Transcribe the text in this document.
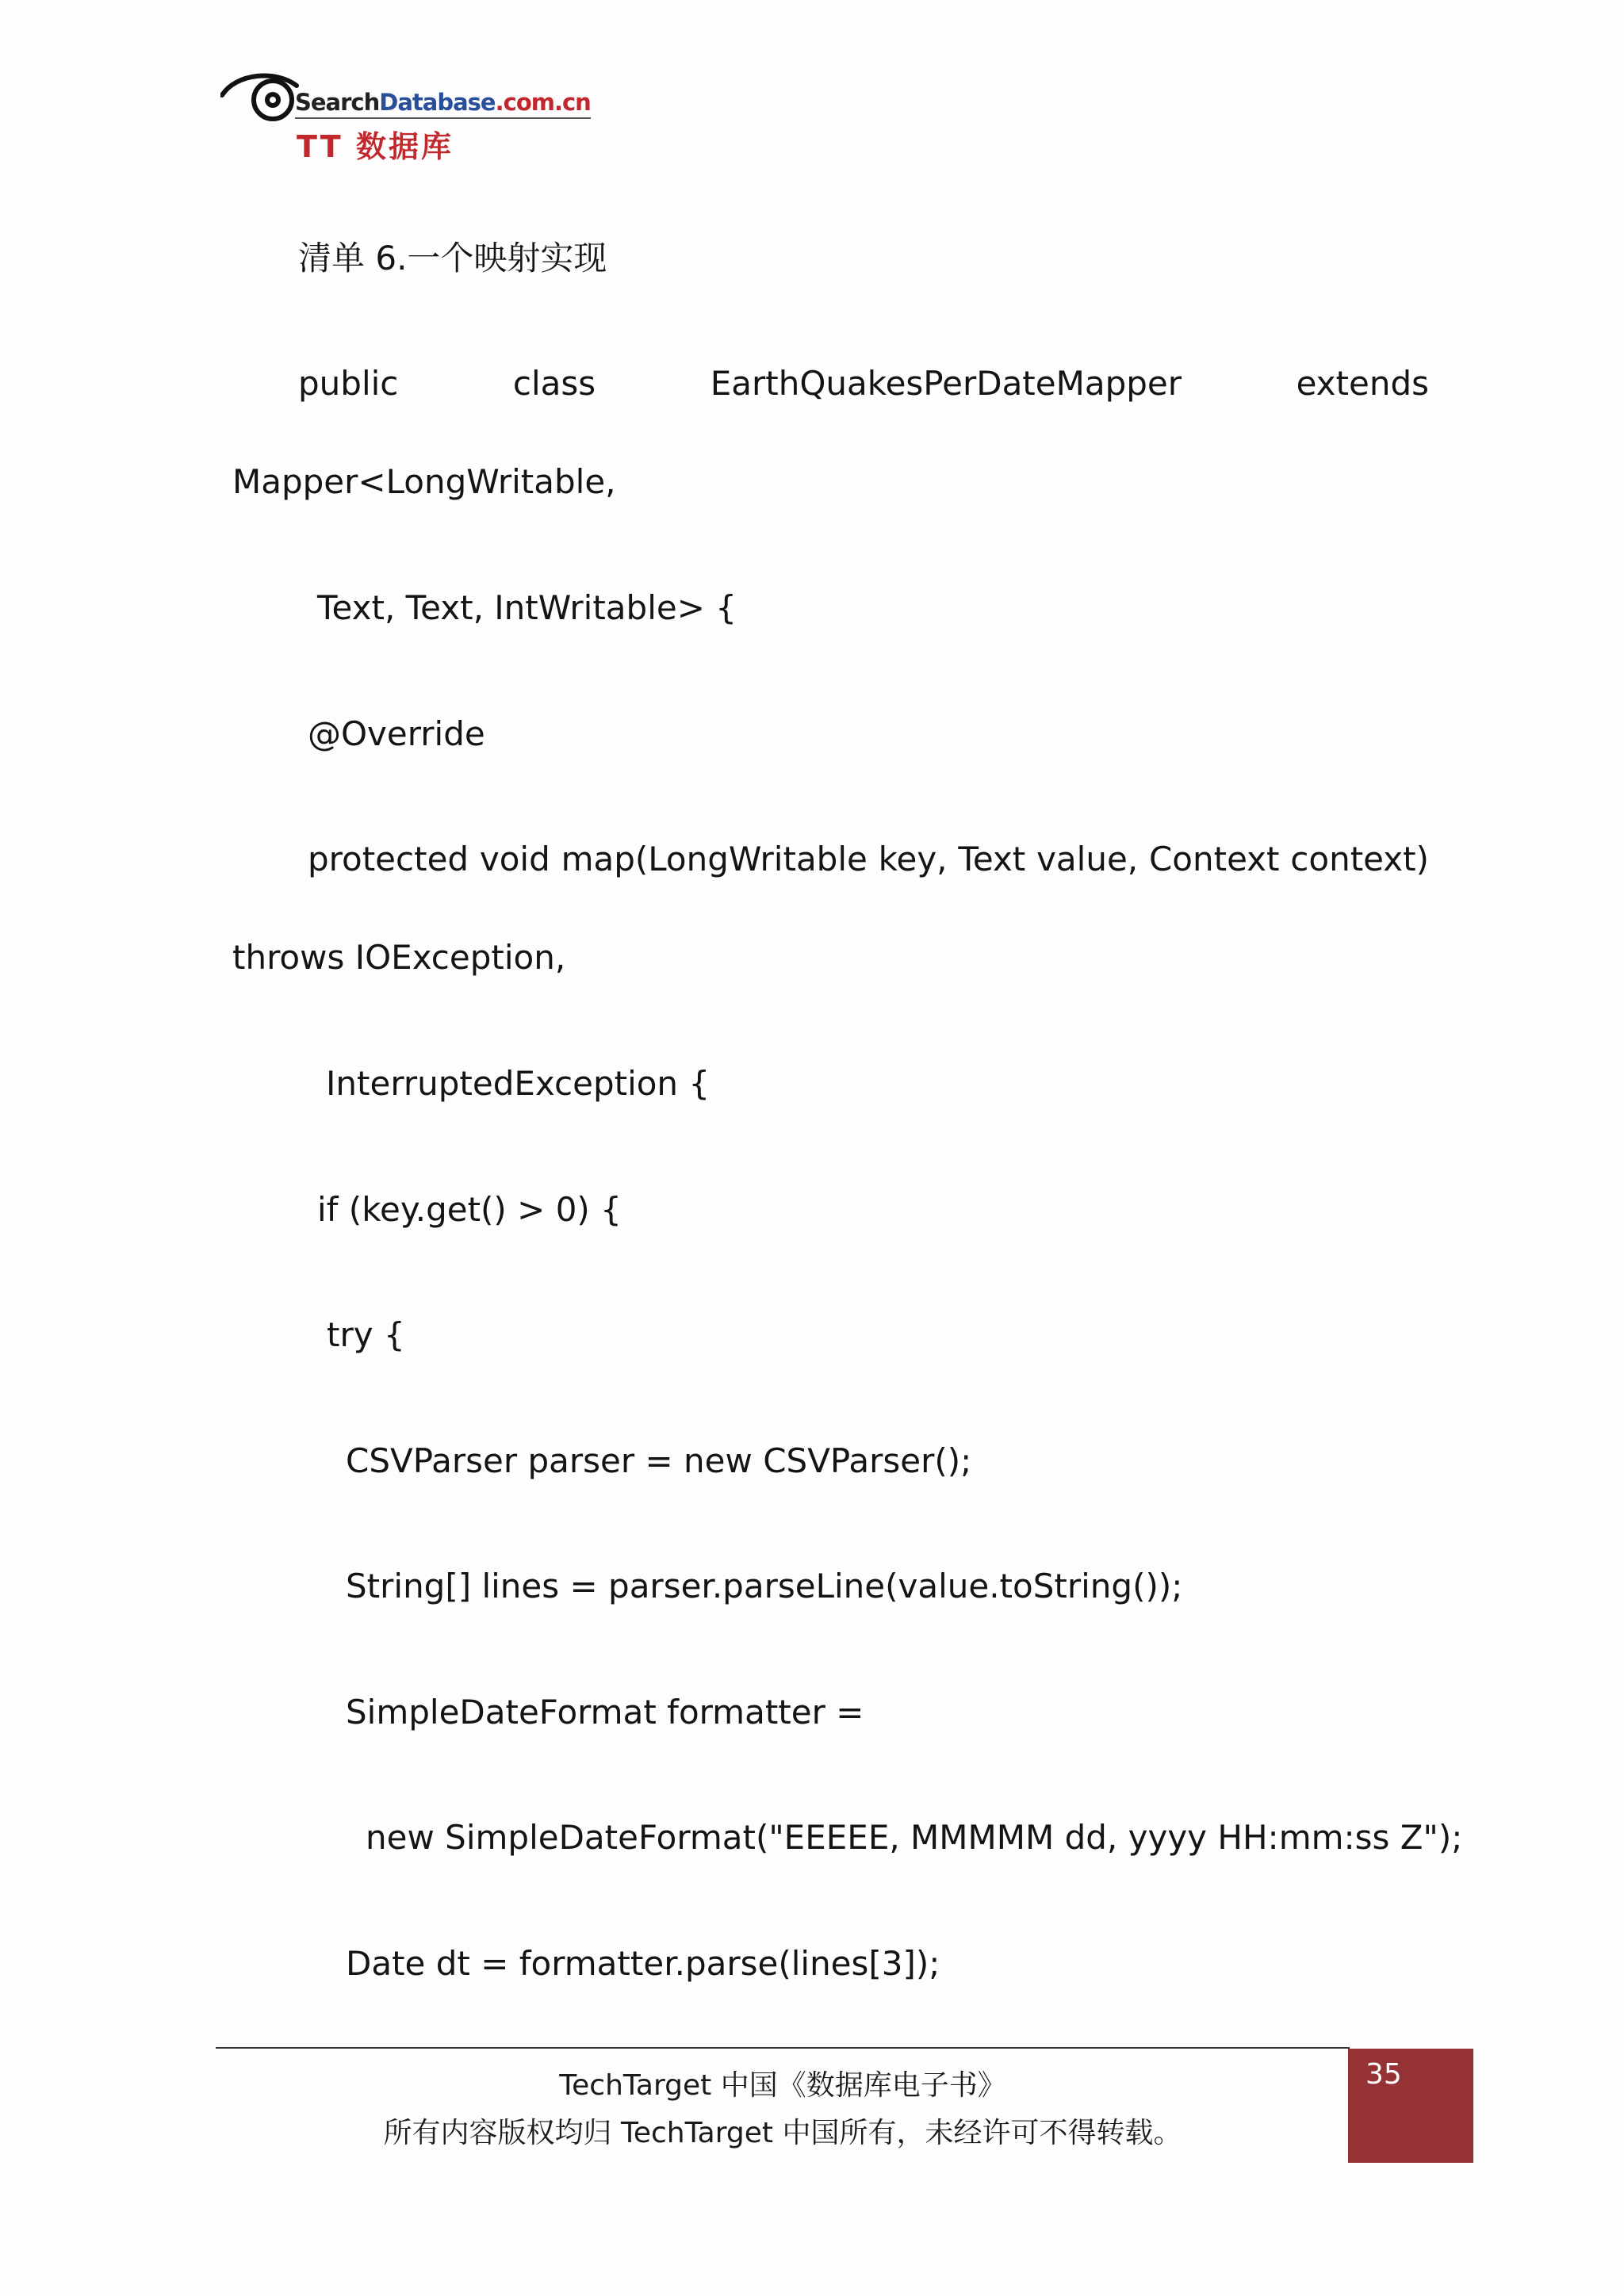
SearchDatabase.com.cn
TT 数据库
清单 6.一个映射实现
public	class	EarthQuakesPerDateMapper	extends
Mapper<LongWritable,
Text, Text, IntWritable> {
@Override
protected void map(LongWritable key, Text value, Context context)
throws IOException,
InterruptedException {
if (key.get() > 0) {
try {
CSVParser parser = new CSVParser();
String[] lines = parser.parseLine(value.toString());
SimpleDateFormat formatter =
new SimpleDateFormat("EEEEE, MMMMM dd, yyyy HH:mm:ss Z");
Date dt = formatter.parse(lines[3]);
TechTarget 中国《数据库电子书》
所有内容版权均归 TechTarget 中国所有，未经许可不得转载。
35
